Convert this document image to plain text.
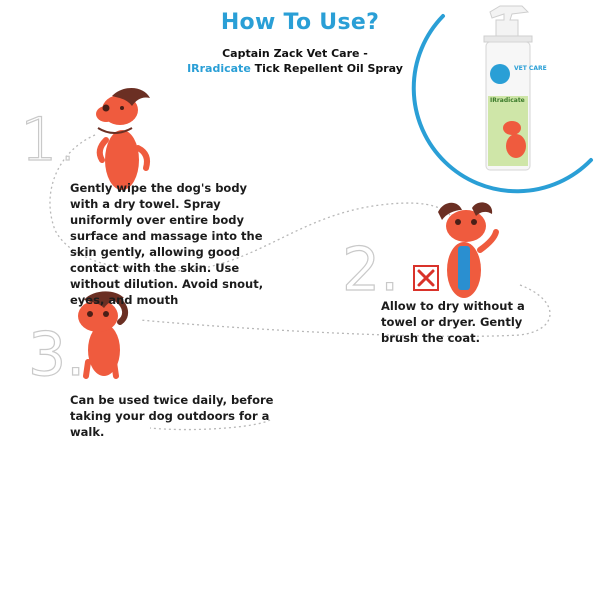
1.
2.
3.
VET CARE
IRradicate
How To Use?
Captain Zack Vet Care -
IRradicate Tick Repellent Oil Spray
Gently wipe the dog's body with a dry towel. Spray uniformly over entire body surface and massage into the skin gently, allowing good contact with the skin. Use without dilution. Avoid snout, eyes, and mouth	Allow to dry without a towel or dryer. Gently brush the coat.
Can be used twice daily, before taking your dog outdoors for a walk.
